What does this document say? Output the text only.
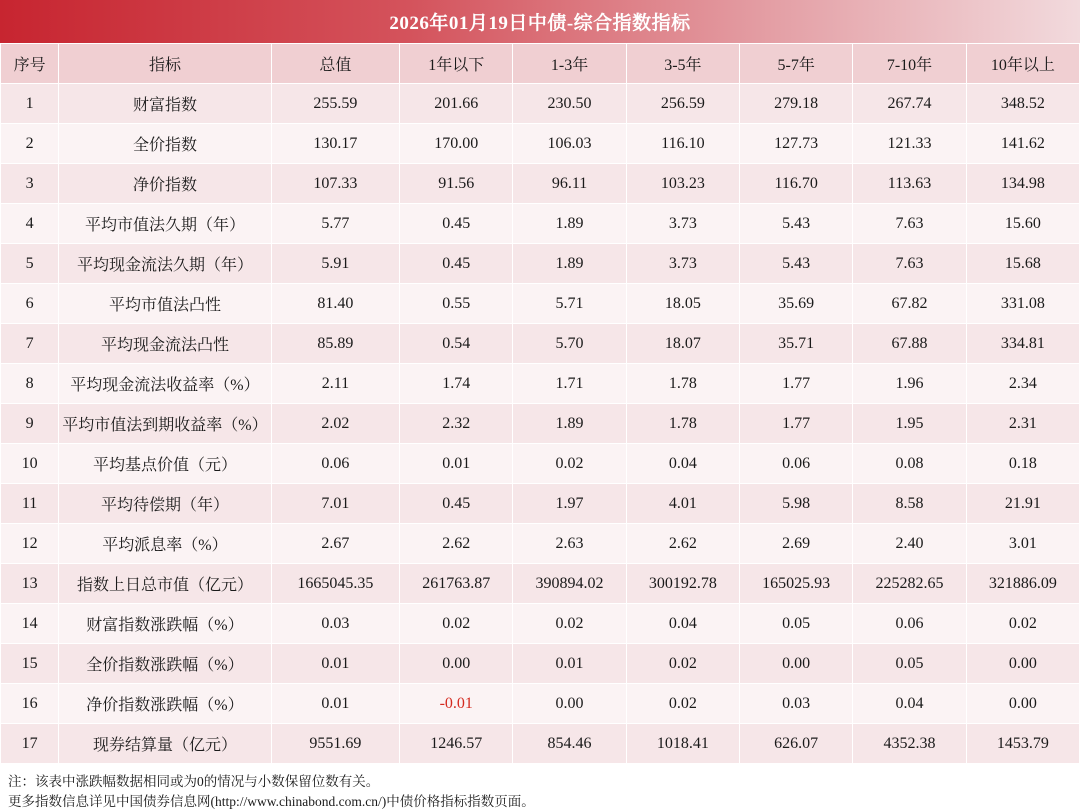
2026年01月19日中债-综合指数指标
序号	指标	总值	1年以下	1-3年	3-5年	5-7年	7-10年	10年以上
1	财富指数	255.59	201.66	230.50	256.59	279.18	267.74	348.52
2	全价指数	130.17	170.00	106.03	116.10	127.73	121.33	141.62
3	净价指数	107.33	91.56	96.11	103.23	116.70	113.63	134.98
4	平均市值法久期（年）	5.77	0.45	1.89	3.73	5.43	7.63	15.60
5	平均现金流法久期（年）	5.91	0.45	1.89	3.73	5.43	7.63	15.68
6	平均市值法凸性	81.40	0.55	5.71	18.05	35.69	67.82	331.08
7	平均现金流法凸性	85.89	0.54	5.70	18.07	35.71	67.88	334.81
8	平均现金流法收益率（%）	2.11	1.74	1.71	1.78	1.77	1.96	2.34
9	平均市值法到期收益率（%）	2.02	2.32	1.89	1.78	1.77	1.95	2.31
10	平均基点价值（元）	0.06	0.01	0.02	0.04	0.06	0.08	0.18
11	平均待偿期（年）	7.01	0.45	1.97	4.01	5.98	8.58	21.91
12	平均派息率（%）	2.67	2.62	2.63	2.62	2.69	2.40	3.01
13	指数上日总市值（亿元）	1665045.35	261763.87	390894.02	300192.78	165025.93	225282.65	321886.09
14	财富指数涨跌幅（%）	0.03	0.02	0.02	0.04	0.05	0.06	0.02
15	全价指数涨跌幅（%）	0.01	0.00	0.01	0.02	0.00	0.05	0.00
16	净价指数涨跌幅（%）	0.01	-0.01	0.00	0.02	0.03	0.04	0.00
17	现券结算量（亿元）	9551.69	1246.57	854.46	1018.41	626.07	4352.38	1453.79
注：该表中涨跌幅数据相同或为0的情况与小数保留位数有关。
更多指数信息详见中国债券信息网(http://www.chinabond.com.cn/)中债价格指标指数页面。
